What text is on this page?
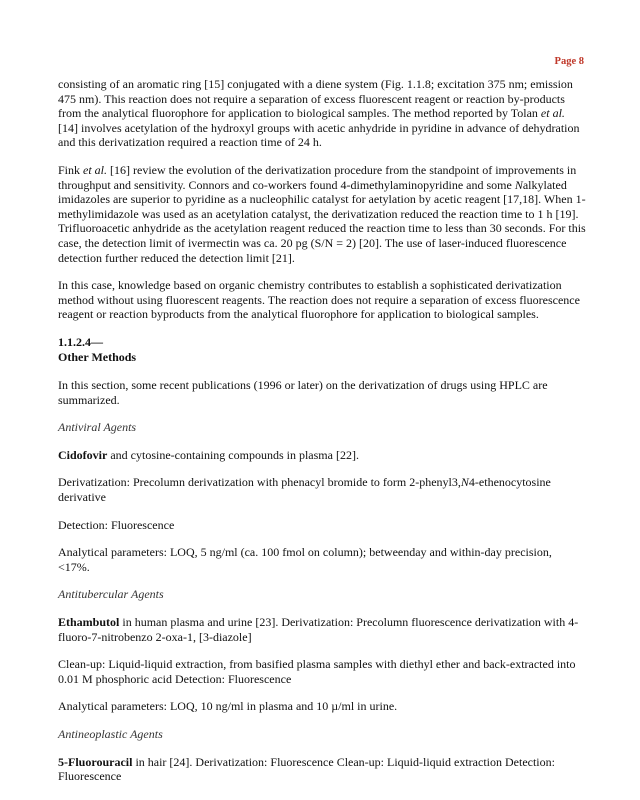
Page 8

consisting of an aromatic ring [15] conjugated with a diene system (Fig. 1.1.8; excitation 375 nm; emission 475 nm). This reaction does not require a separation of excess fluorescent reagent or reaction by-products from the analytical fluorophore for application to biological samples. The method reported by Tolan et al. [14] involves acetylation of the hydroxyl groups with acetic anhydride in pyridine in advance of dehydration and this derivatization required a reaction time of 24 h.

Fink et al. [16] review the evolution of the derivatization procedure from the standpoint of improvements in throughput and sensitivity. Connors and co-workers found 4-dimethylaminopyridine and some Nalkylated imidazoles are superior to pyridine as a nucleophilic catalyst for aetylation by acetic reagent [17,18]. When 1-methylimidazole was used as an acetylation catalyst, the derivatization reduced the reaction time to 1 h [19]. Trifluoroacetic anhydride as the acetylation reagent reduced the reaction time to less than 30 seconds. For this case, the detection limit of ivermectin was ca. 20 pg (S/N = 2) [20]. The use of laser-induced fluorescence detection further reduced the detection limit [21].

In this case, knowledge based on organic chemistry contributes to establish a sophisticated derivatization method without using fluorescent reagents. The reaction does not require a separation of excess fluorescence reagent or reaction byproducts from the analytical fluorophore for application to biological samples.

1.1.2.4—
Other Methods

In this section, some recent publications (1996 or later) on the derivatization of drugs using HPLC are summarized.

Antiviral Agents

Cidofovir and cytosine-containing compounds in plasma [22].

Derivatization: Precolumn derivatization with phenacyl bromide to form 2-phenyl3,N4-ethenocytosine derivative

Detection: Fluorescence

Analytical parameters: LOQ, 5 ng/ml (ca. 100 fmol on column); betweenday and within-day precision, <17%.

Antitubercular Agents

Ethambutol in human plasma and urine [23]. Derivatization: Precolumn fluorescence derivatization with 4-fluoro-7-nitrobenzo 2-oxa-1, [3-diazole]

Clean-up: Liquid-liquid extraction, from basified plasma samples with diethyl ether and back-extracted into 0.01 M phosphoric acid Detection: Fluorescence

Analytical parameters: LOQ, 10 ng/ml in plasma and 10 µ/ml in urine.

Antineoplastic Agents

5-Fluorouracil in hair [24]. Derivatization: Fluorescence Clean-up: Liquid-liquid extraction Detection: Fluorescence
